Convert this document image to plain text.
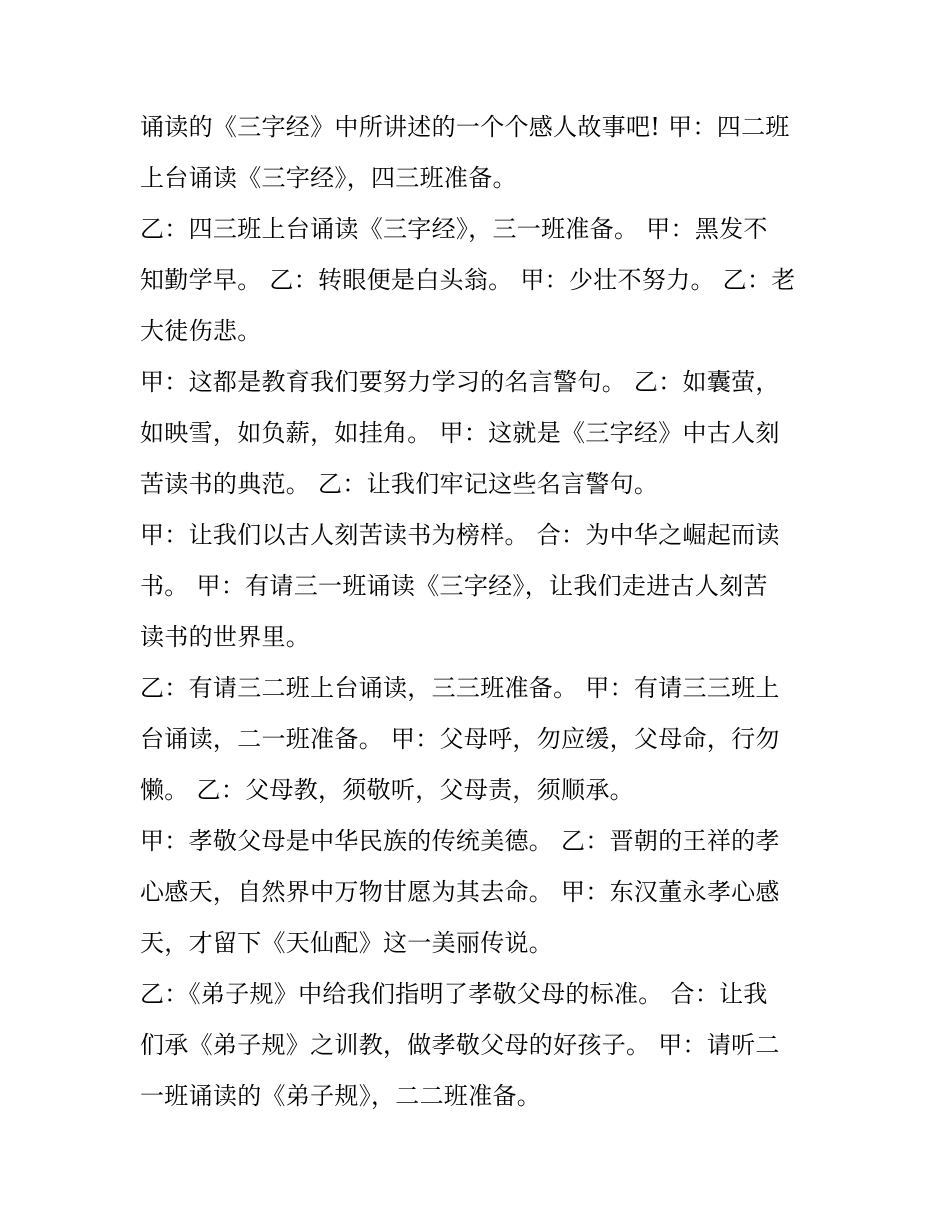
诵读的《三字经》中所讲述的一个个感人故事吧! 甲：四二班
上台诵读《三字经》，四三班准备。
乙：四三班上台诵读《三字经》，三一班准备。 甲：黑发不
知勤学早。 乙：转眼便是白头翁。 甲：少壮不努力。 乙：老
大徒伤悲。
甲：这都是教育我们要努力学习的名言警句。 乙：如囊萤，
如映雪，如负薪，如挂角。 甲：这就是《三字经》中古人刻
苦读书的典范。 乙：让我们牢记这些名言警句。
甲：让我们以古人刻苦读书为榜样。 合：为中华之崛起而读
书。 甲：有请三一班诵读《三字经》，让我们走进古人刻苦
读书的世界里。
乙：有请三二班上台诵读，三三班准备。 甲：有请三三班上
台诵读，二一班准备。 甲：父母呼，勿应缓，父母命，行勿
懒。 乙：父母教，须敬听，父母责，须顺承。
甲：孝敬父母是中华民族的传统美德。 乙：晋朝的王祥的孝
心感天，自然界中万物甘愿为其去命。 甲：东汉董永孝心感
天，才留下《天仙配》这一美丽传说。
乙：《弟子规》中给我们指明了孝敬父母的标准。 合：让我
们承《弟子规》之训教，做孝敬父母的好孩子。 甲：请听二
一班诵读的《弟子规》，二二班准备。
